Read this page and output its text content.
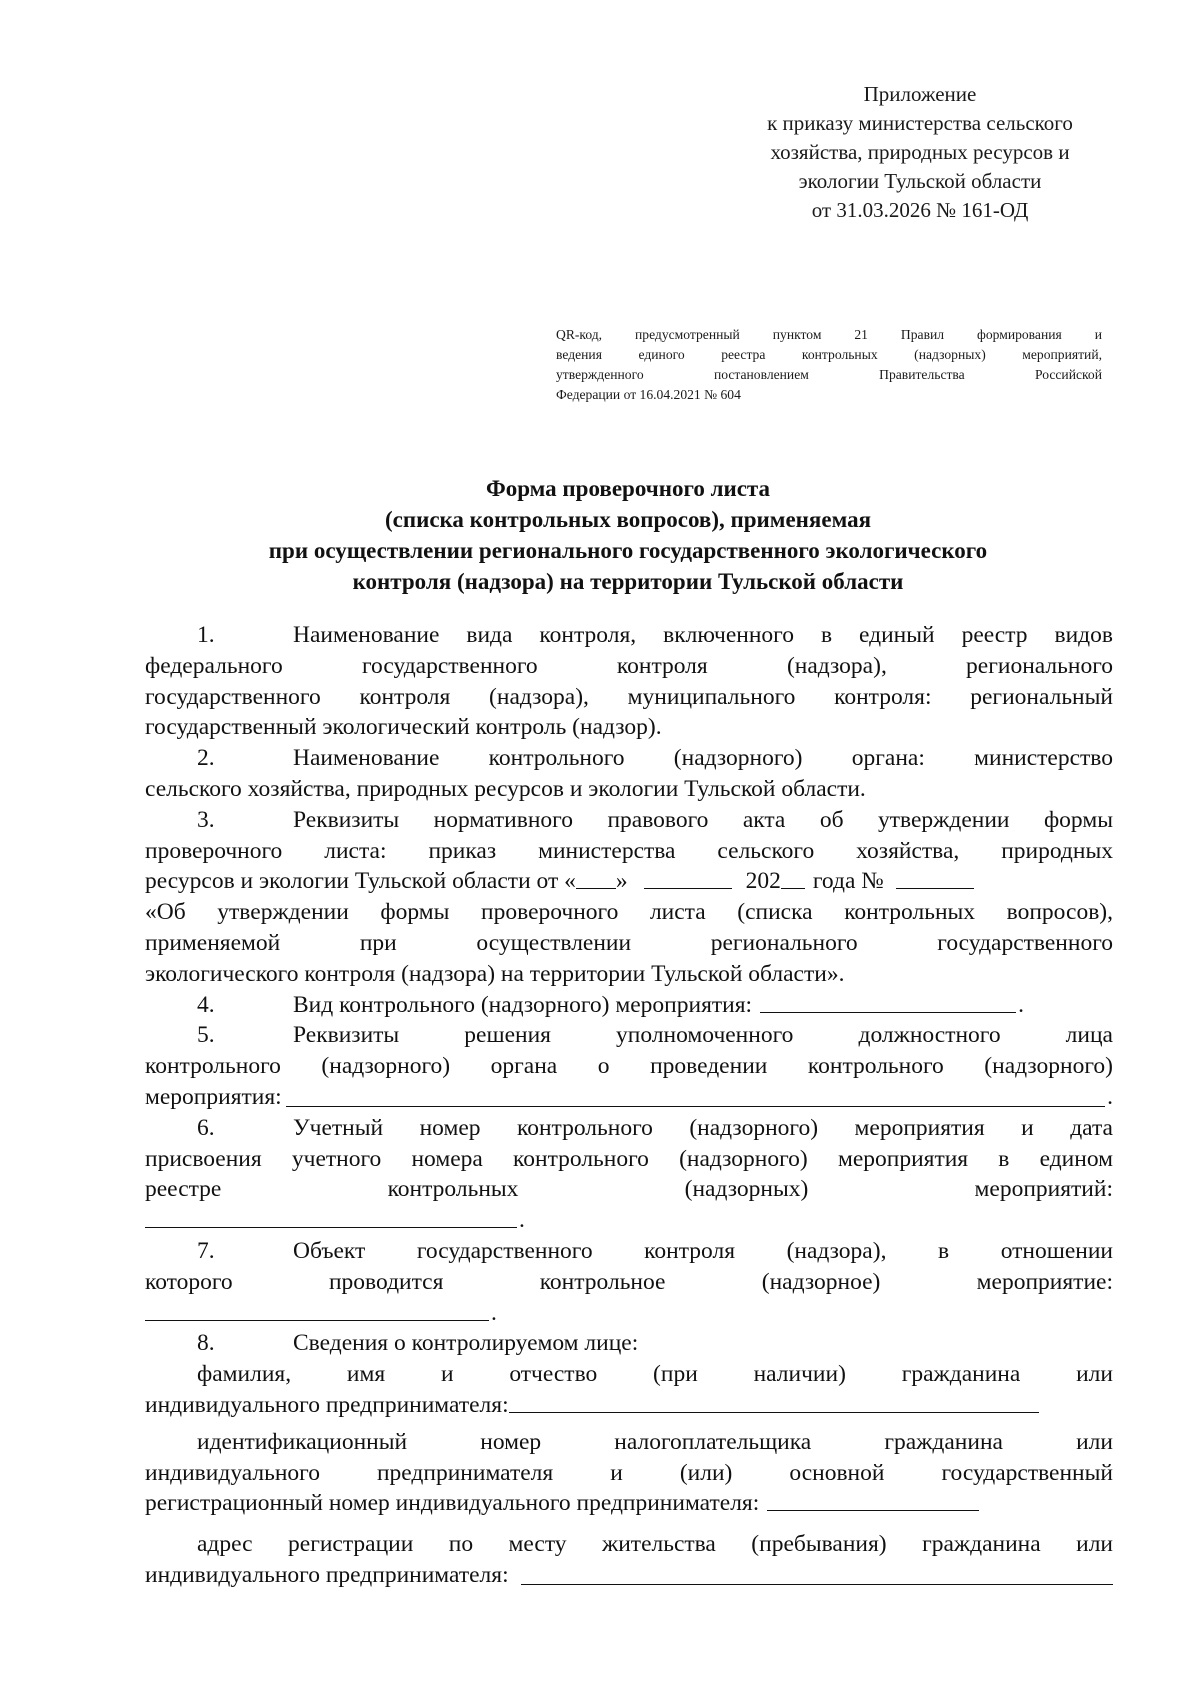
Приложение
к приказу министерства сельского
хозяйства, природных ресурсов и
экологии Тульской области
от 31.03.2026 № 161-ОД
QR-код, предусмотренный пунктом 21 Правил формирования и
ведения единого реестра контрольных (надзорных) мероприятий,
утвержденного постановлением Правительства Российской
Федерации от 16.04.2021 № 604
Форма проверочного листа
(списка контрольных вопросов), применяемая
при осуществлении регионального государственного экологического
контроля (надзора) на территории Тульской области
1.	Наименование вида контроля, включенного в единый реестр видов
федерального государственного контроля (надзора), регионального
государственного контроля (надзора), муниципального контроля: региональный
государственный экологический контроль (надзор).
2.	Наименование контрольного (надзорного) органа: министерство
сельского хозяйства, природных ресурсов и экологии Тульской области.
3.	Реквизиты нормативного правового акта об утверждении формы
проверочного листа: приказ министерства сельского хозяйства, природных
ресурсов и экологии Тульской области от « »	202 года №
«Об утверждении формы проверочного листа (списка контрольных вопросов),
применяемой при осуществлении регионального государственного
экологического контроля (надзора) на территории Тульской области».
4.	Вид контрольного (надзорного) мероприятия:	.
5.	Реквизиты решения уполномоченного должностного лица
контрольного (надзорного) органа о проведении контрольного (надзорного)
мероприятия:	.
6.	Учетный номер контрольного (надзорного) мероприятия и дата
присвоения учетного номера контрольного (надзорного) мероприятия в едином
реестре контрольных (надзорных) мероприятий:
.
7.	Объект государственного контроля (надзора), в отношении
которого проводится контрольное (надзорное) мероприятие:
.
8.	Сведения о контролируемом лице:
фамилия, имя и отчество (при наличии) гражданина или
индивидуального предпринимателя:
идентификационный номер налогоплательщика гражданина или
индивидуального предпринимателя и (или) основной государственный
регистрационный номер индивидуального предпринимателя:
адрес регистрации по месту жительства (пребывания) гражданина или
индивидуального предпринимателя:
